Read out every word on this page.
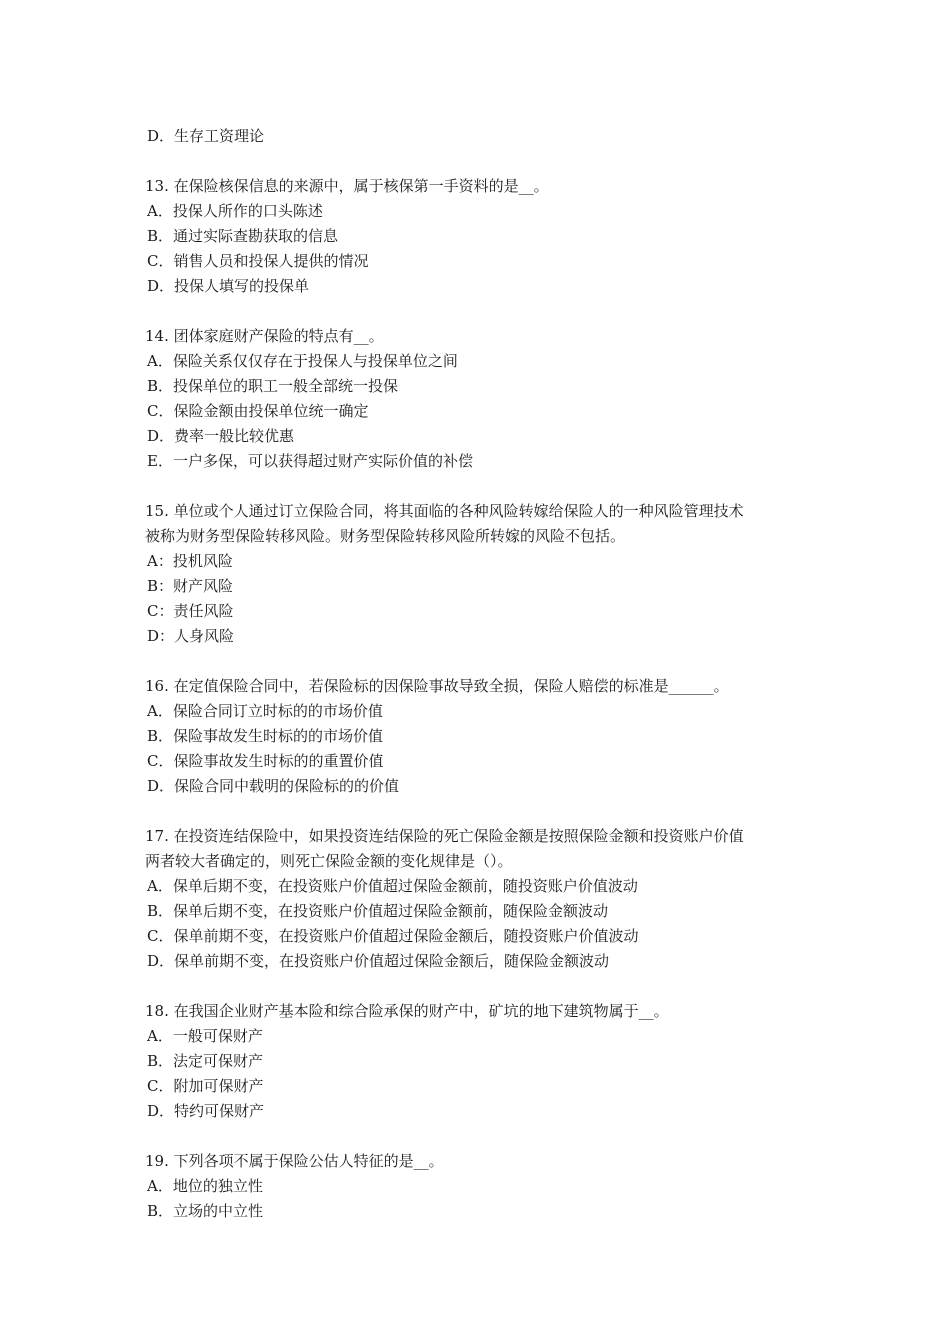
D．生存工资理论
13. 在保险核保信息的来源中，属于核保第一手资料的是__。
A．投保人所作的口头陈述
B．通过实际查勘获取的信息
C．销售人员和投保人提供的情况
D．投保人填写的投保单
14. 团体家庭财产保险的特点有__。
A．保险关系仅仅存在于投保人与投保单位之间
B．投保单位的职工一般全部统一投保
C．保险金额由投保单位统一确定
D．费率一般比较优惠
E．一户多保，可以获得超过财产实际价值的补偿
15. 单位或个人通过订立保险合同，将其面临的各种风险转嫁给保险人的一种风险管理技术
被称为财务型保险转移风险。财务型保险转移风险所转嫁的风险不包括。
A：投机风险
B：财产风险
C：责任风险
D：人身风险
16. 在定值保险合同中，若保险标的因保险事故导致全损，保险人赔偿的标准是______。
A．保险合同订立时标的的市场价值
B．保险事故发生时标的的市场价值
C．保险事故发生时标的的重置价值
D．保险合同中载明的保险标的的价值
17. 在投资连结保险中，如果投资连结保险的死亡保险金额是按照保险金额和投资账户价值
两者较大者确定的，则死亡保险金额的变化规律是（）。
A．保单后期不变，在投资账户价值超过保险金额前，随投资账户价值波动
B．保单后期不变，在投资账户价值超过保险金额前，随保险金额波动
C．保单前期不变，在投资账户价值超过保险金额后，随投资账户价值波动
D．保单前期不变，在投资账户价值超过保险金额后，随保险金额波动
18. 在我国企业财产基本险和综合险承保的财产中，矿坑的地下建筑物属于__。
A．一般可保财产
B．法定可保财产
C．附加可保财产
D．特约可保财产
19. 下列各项不属于保险公估人特征的是__。
A．地位的独立性
B．立场的中立性
